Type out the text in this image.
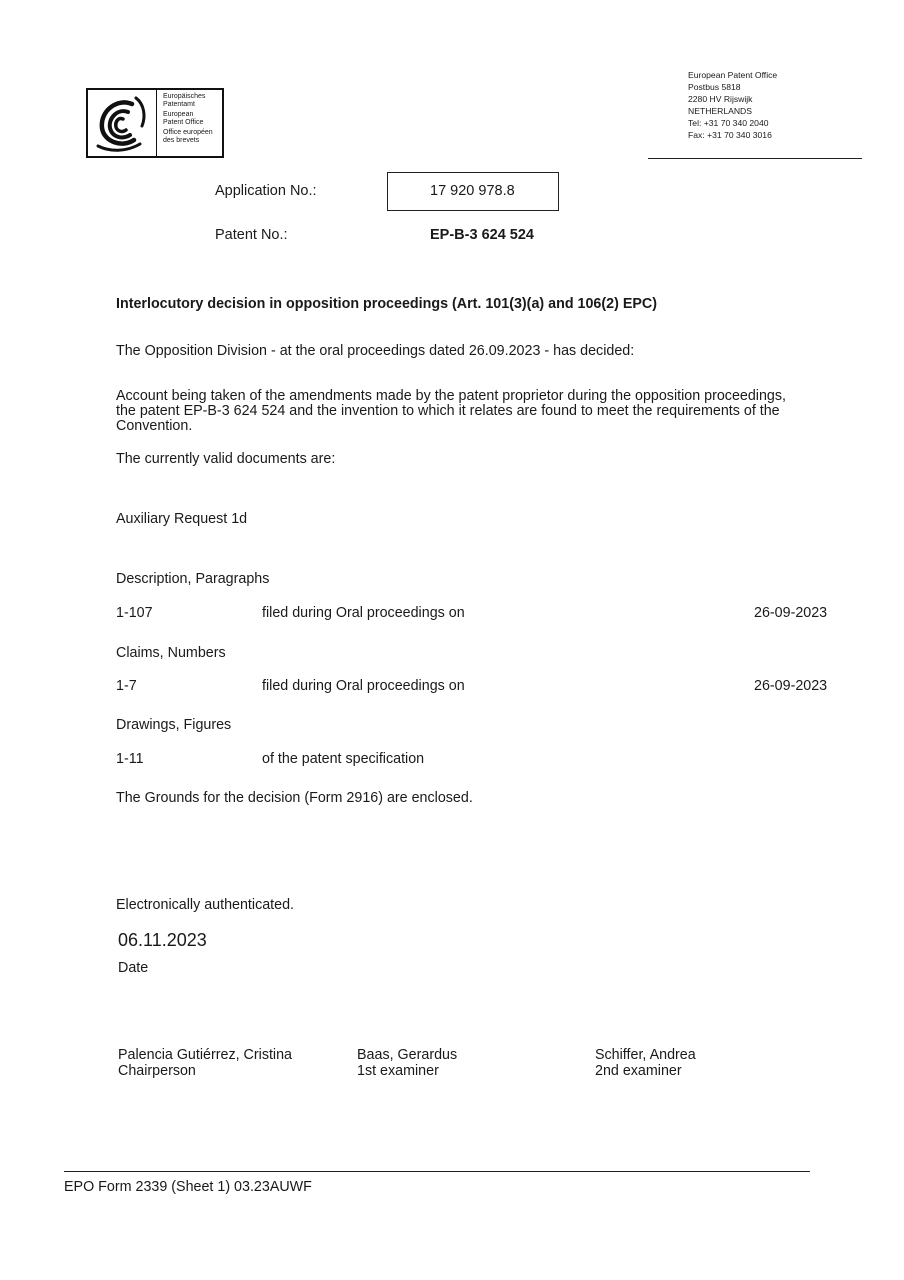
Europäisches
Patentamt
European
Patent Office
Office européen
des brevets
European Patent Office
Postbus 5818
2280 HV Rijswijk
NETHERLANDS
Tel: +31 70 340 2040
Fax: +31 70 340 3016
Application No.:	17 920 978.8
Patent No.:	EP-B-3 624 524
Interlocutory decision in opposition proceedings (Art. 101(3)(a) and 106(2) EPC)
The Opposition Division - at the oral proceedings dated 26.09.2023 - has decided:
Account being taken of the amendments made by the patent proprietor during the opposition proceedings,
the patent EP-B-3 624 524 and the invention to which it relates are found to meet the requirements of the
Convention.
The currently valid documents are:
Auxiliary Request 1d
Description, Paragraphs
1-107	filed during Oral proceedings on	26-09-2023
Claims, Numbers
1-7	filed during Oral proceedings on	26-09-2023
Drawings, Figures
1-11	of the patent specification
The Grounds for the decision (Form 2916) are enclosed.
Electronically authenticated.
06.11.2023
Date
Palencia Gutiérrez, Cristina
Chairperson
Baas, Gerardus
1st examiner
Schiffer, Andrea
2nd examiner
EPO Form 2339 (Sheet 1) 03.23AUWF
